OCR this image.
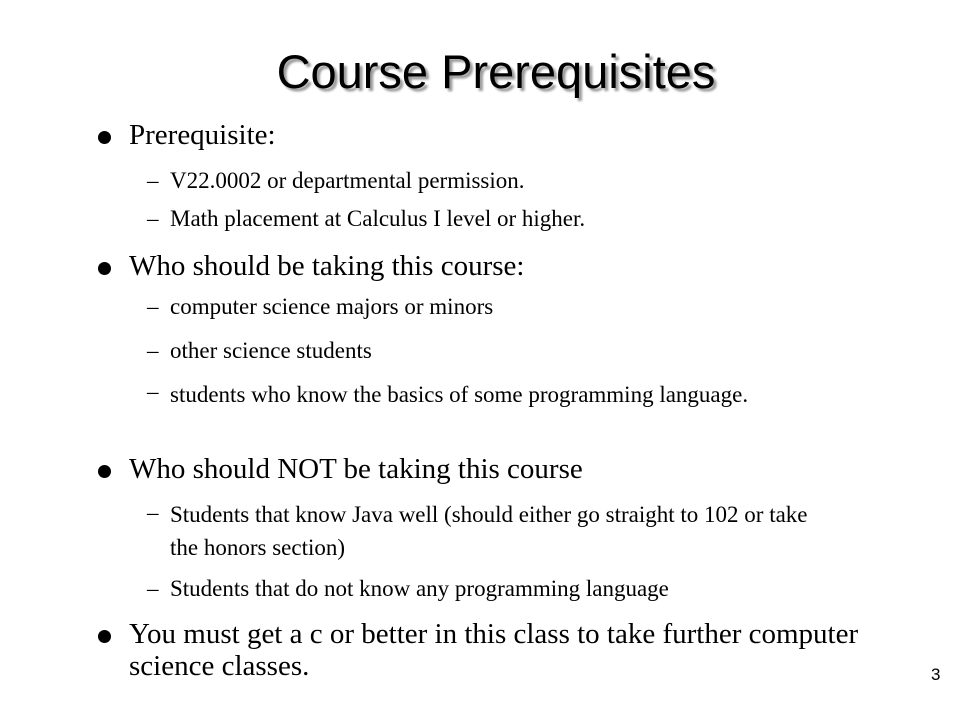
Course Prerequisites
Prerequisite:
– V22.0002 or departmental permission.
– Math placement at Calculus I level or higher.
Who should be taking this course:
– computer science majors or minors
– other science students
– students who know the basics of some programming language.
Who should NOT be taking this course
– Students that know Java well (should either go straight to 102 or take the honors section)
– Students that do not know any programming language
You must get a c or better in this class to take further computer science classes.	3
